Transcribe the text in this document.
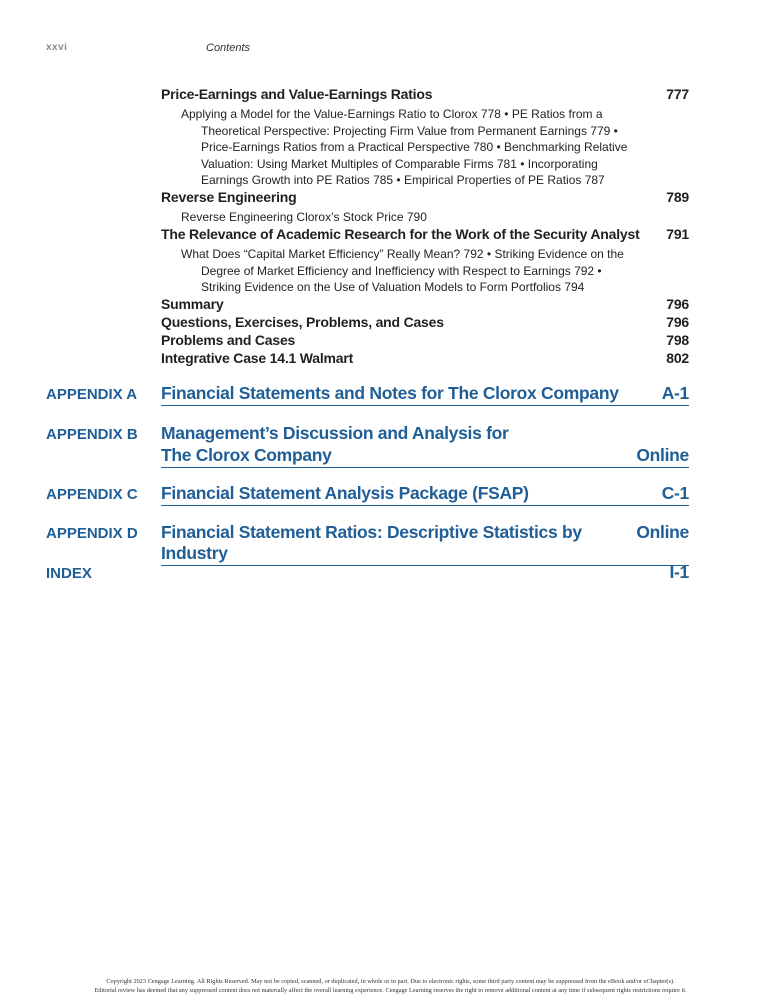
xxvi	Contents
Price-Earnings and Value-Earnings Ratios	777
Applying a Model for the Value-Earnings Ratio to Clorox 778 • PE Ratios from a
Theoretical Perspective: Projecting Firm Value from Permanent Earnings 779 •
Price-Earnings Ratios from a Practical Perspective 780 • Benchmarking Relative
Valuation: Using Market Multiples of Comparable Firms 781 • Incorporating
Earnings Growth into PE Ratios 785 • Empirical Properties of PE Ratios 787
Reverse Engineering	789
Reverse Engineering Clorox’s Stock Price 790
The Relevance of Academic Research for the Work of the Security Analyst 791
What Does “Capital Market Efficiency” Really Mean? 792 • Striking Evidence on the
Degree of Market Efficiency and Inefficiency with Respect to Earnings 792 •
Striking Evidence on the Use of Valuation Models to Form Portfolios 794
Summary	796
Questions, Exercises, Problems, and Cases	796
Problems and Cases	798
Integrative Case 14.1 Walmart	802
APPENDIX A Financial Statements and Notes for The Clorox Company A-1
APPENDIX B Management’s Discussion and Analysis for
The Clorox Company	Online
APPENDIX C Financial Statement Analysis Package (FSAP)	C-1
APPENDIX D Financial Statement Ratios: Descriptive Statistics by Industry
Online
INDEX	I-1
Copyright 2023 Cengage Learning. All Rights Reserved. May not be copied, scanned, or duplicated, in whole or in part. Due to electronic rights, some third party content may be suppressed from the eBook and/or eChapter(s).
Editorial review has deemed that any suppressed content does not materially affect the overall learning experience. Cengage Learning reserves the right to remove additional content at any time if subsequent rights restrictions require it.
